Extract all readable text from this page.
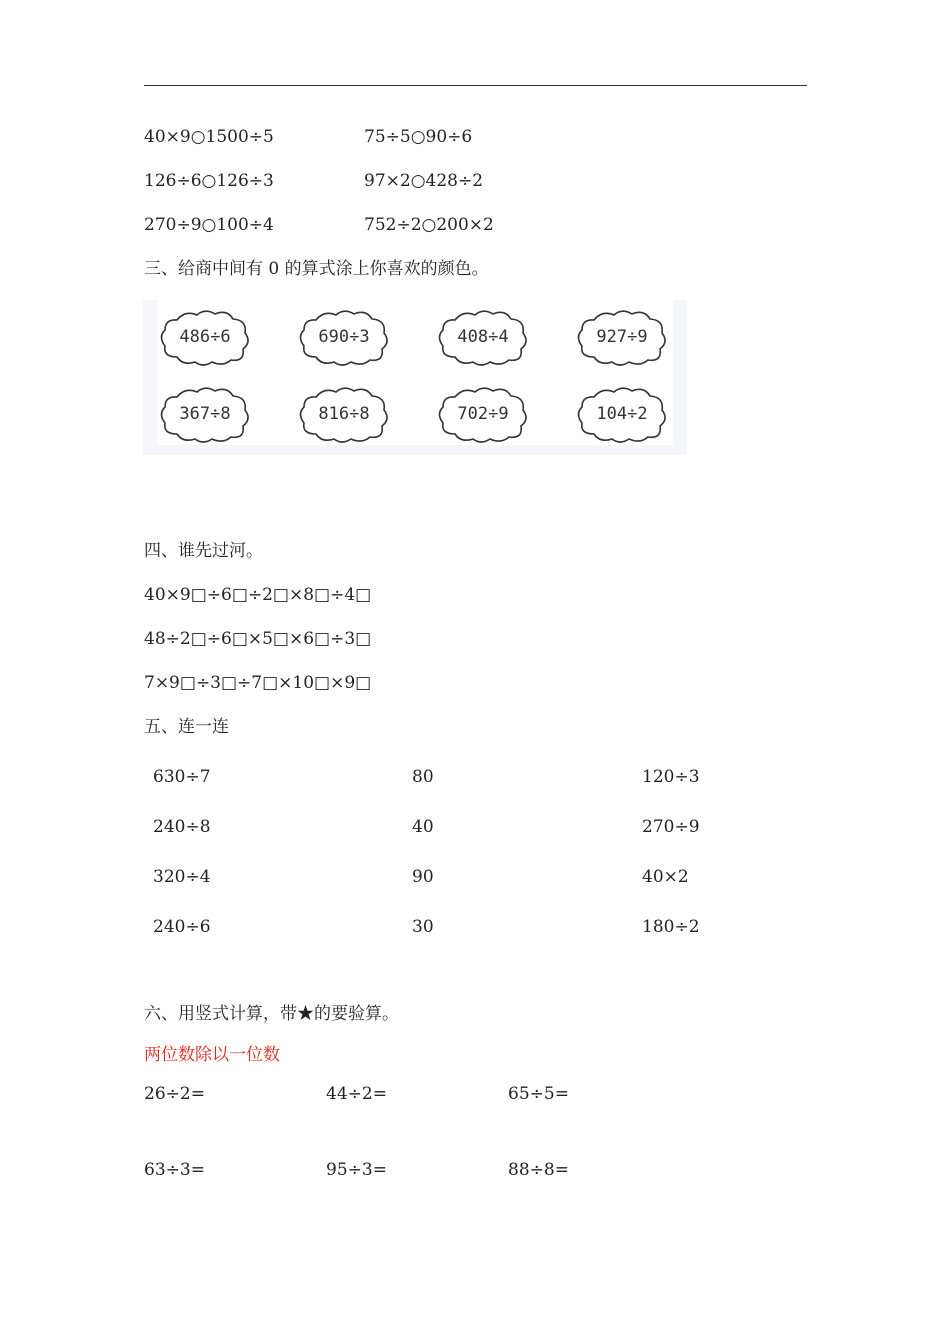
40×9○1500÷5	75÷5○90÷6
126÷6○126÷3	97×2○428÷2
270÷9○100÷4	752÷2○200×2
三、给商中间有 0 的算式涂上你喜欢的颜色。
486÷6	690÷3	408÷4	927÷9
367÷8	816÷8	702÷9	104÷2
四、谁先过河。
40×9□÷6□÷2□×8□÷4□
48÷2□÷6□×5□×6□÷3□
7×9□÷3□÷7□×10□×9□
五、连一连
630÷7	80	120÷3
240÷8	40	270÷9
320÷4	90	40×2
240÷6	30	180÷2
六、用竖式计算，带★的要验算。
两位数除以一位数
26÷2=	44÷2=	65÷5=
63÷3=	95÷3=	88÷8=
